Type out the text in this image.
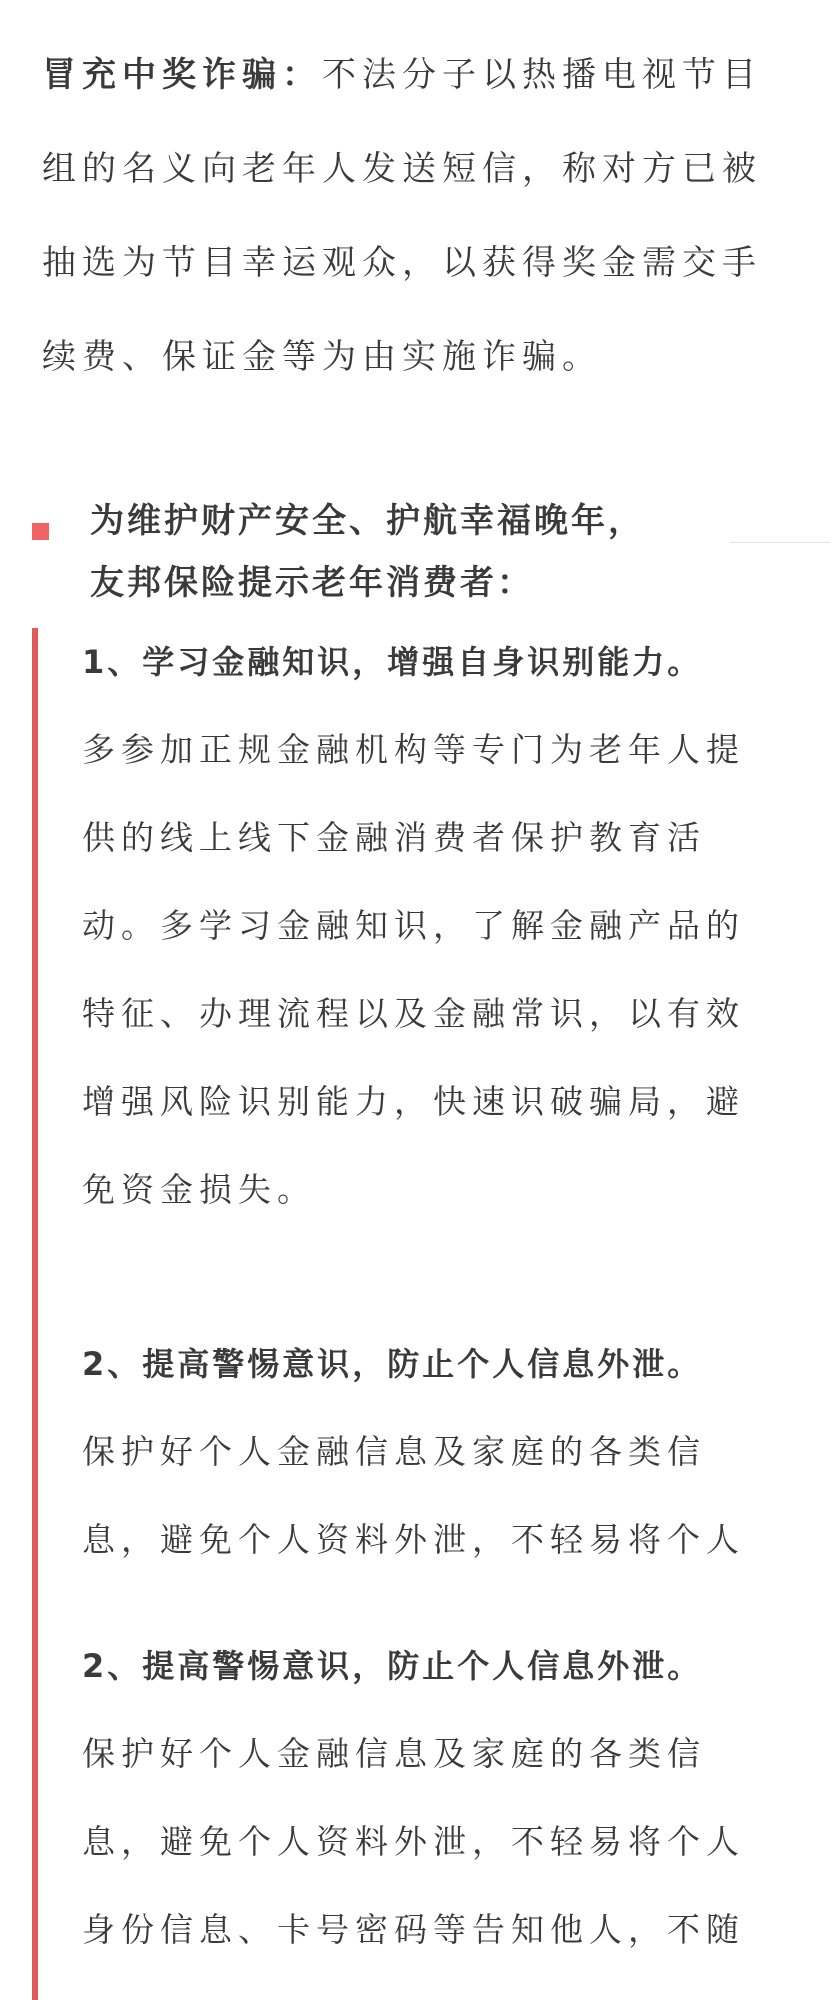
冒充中奖诈骗：不法分子以热播电视节目
组的名义向老年人发送短信，称对方已被
抽选为节目幸运观众，以获得奖金需交手
续费、保证金等为由实施诈骗。
为维护财产安全、护航幸福晚年，
友邦保险提示老年消费者：

1、学习金融知识，增强自身识别能力。

多参加正规金融机构等专门为老年人提
供的线上线下金融消费者保护教育活
动。多学习金融知识，了解金融产品的
特征、办理流程以及金融常识，以有效
增强风险识别能力，快速识破骗局，避
免资金损失。

2、提高警惕意识，防止个人信息外泄。

保护好个人金融信息及家庭的各类信
息，避免个人资料外泄，不轻易将个人

2、提高警惕意识，防止个人信息外泄。

保护好个人金融信息及家庭的各类信
息，避免个人资料外泄，不轻易将个人
身份信息、卡号密码等告知他人，不随
